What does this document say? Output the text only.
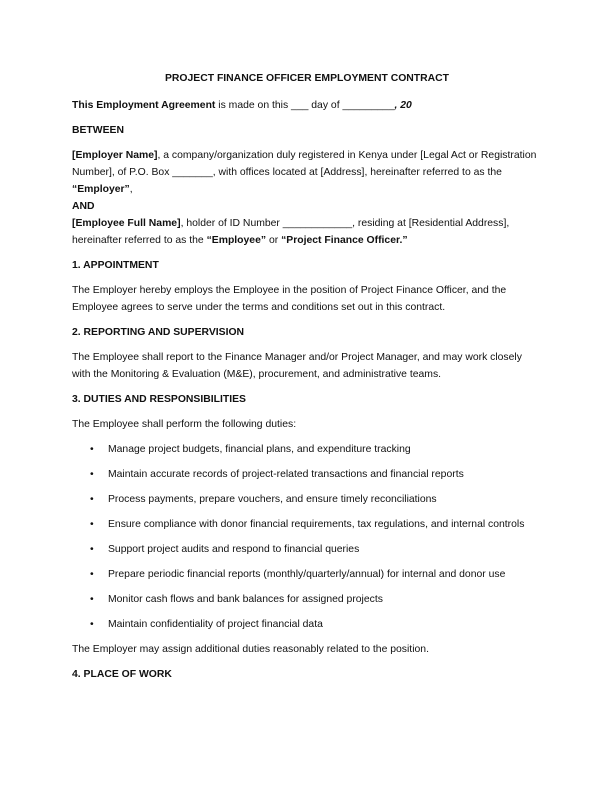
PROJECT FINANCE OFFICER EMPLOYMENT CONTRACT

This Employment Agreement is made on this ___ day of _________, 20

BETWEEN

[Employer Name], a company/organization duly registered in Kenya under [Legal Act or Registration Number], of P.O. Box _______, with offices located at [Address], hereinafter referred to as the “Employer”,

AND

[Employee Full Name], holder of ID Number ____________, residing at [Residential Address], hereinafter referred to as the “Employee” or “Project Finance Officer.”

1. APPOINTMENT

The Employer hereby employs the Employee in the position of Project Finance Officer, and the Employee agrees to serve under the terms and conditions set out in this contract.

2. REPORTING AND SUPERVISION

The Employee shall report to the Finance Manager and/or Project Manager, and may work closely with the Monitoring & Evaluation (M&E), procurement, and administrative teams.

3. DUTIES AND RESPONSIBILITIES

The Employee shall perform the following duties:

• Manage project budgets, financial plans, and expenditure tracking
• Maintain accurate records of project-related transactions and financial reports
• Process payments, prepare vouchers, and ensure timely reconciliations
• Ensure compliance with donor financial requirements, tax regulations, and internal controls
• Support project audits and respond to financial queries
• Prepare periodic financial reports (monthly/quarterly/annual) for internal and donor use
• Monitor cash flows and bank balances for assigned projects
• Maintain confidentiality of project financial data

The Employer may assign additional duties reasonably related to the position.

4. PLACE OF WORK
